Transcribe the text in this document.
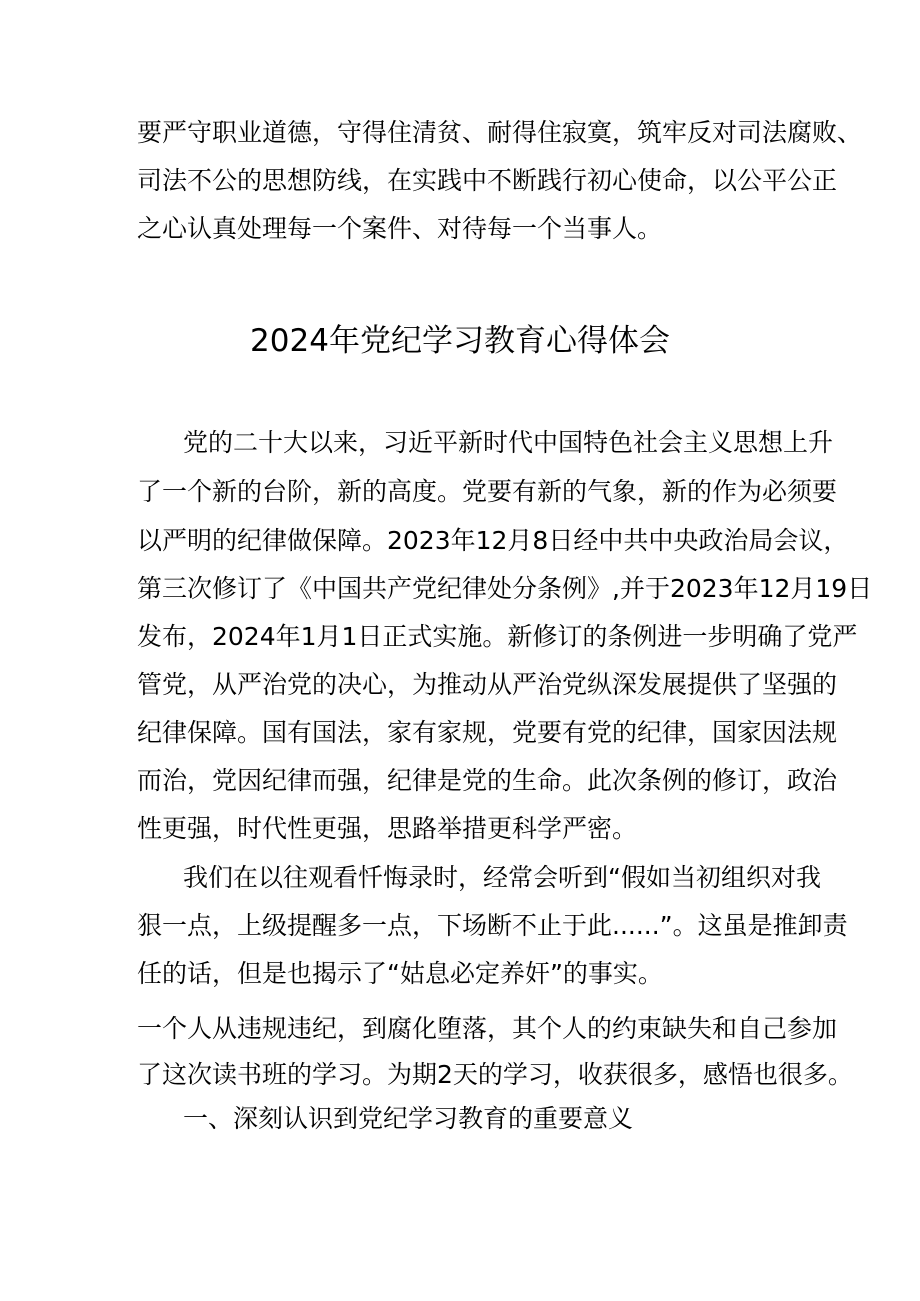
要严守职业道德，守得住清贫、耐得住寂寞，筑牢反对司法腐败、
司法不公的思想防线，在实践中不断践行初心使命，以公平公正
之心认真处理每一个案件、对待每一个当事人。
2024年党纪学习教育心得体会
党的二十大以来，习近平新时代中国特色社会主义思想上升
了一个新的台阶，新的高度。党要有新的气象，新的作为必须要
以严明的纪律做保障。2023年12月8日经中共中央政治局会议，
第三次修订了《中国共产党纪律处分条例》,并于2023年12月19日
发布，2024年1月1日正式实施。新修订的条例进一步明确了党严
管党，从严治党的决心，为推动从严治党纵深发展提供了坚强的
纪律保障。国有国法，家有家规，党要有党的纪律，国家因法规
而治，党因纪律而强，纪律是党的生命。此次条例的修订，政治
性更强，时代性更强，思路举措更科学严密。
我们在以往观看忏悔录时，经常会听到“假如当初组织对我
狠一点，上级提醒多一点，下场断不止于此......”。这虽是推卸责
任的话，但是也揭示了“姑息必定养奸”的事实。
一个人从违规违纪，到腐化堕落，其个人的约束缺失和自己参加
了这次读书班的学习。为期2天的学习，收获很多，感悟也很多。
一、深刻认识到党纪学习教育的重要意义
